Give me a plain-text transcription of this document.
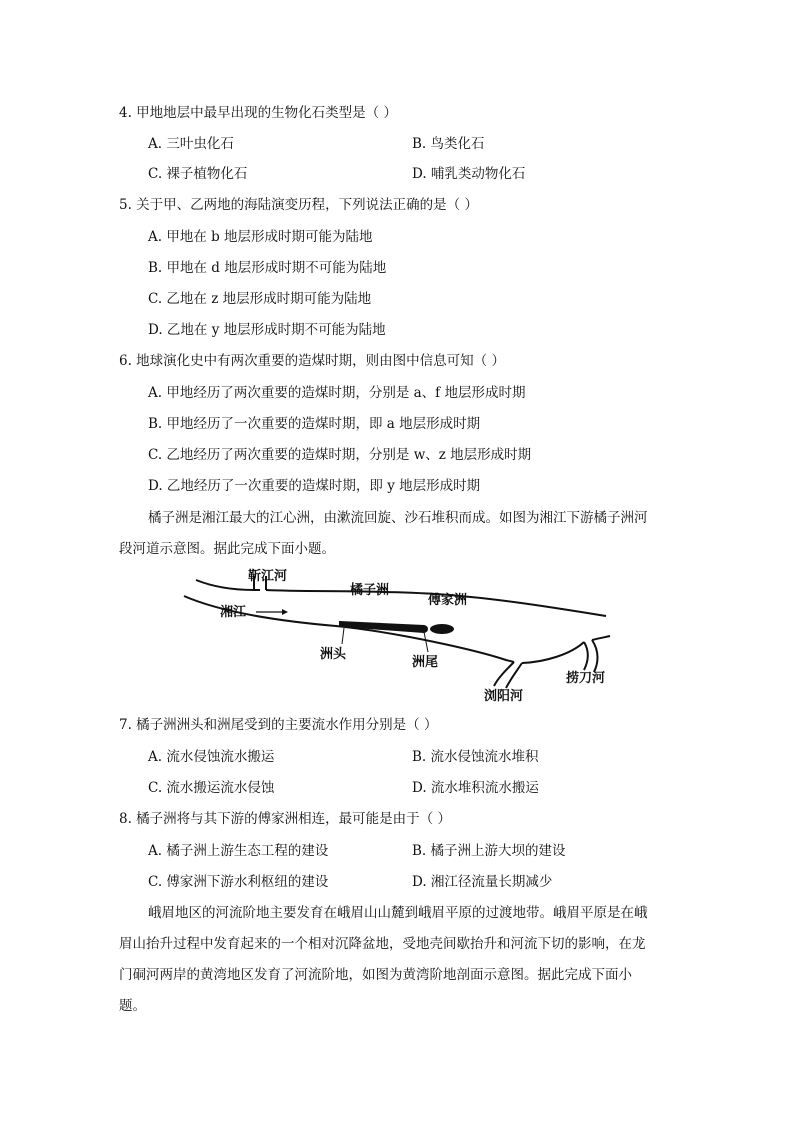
4. 甲地地层中最早出现的生物化石类型是（ ）
A. 三叶虫化石	B. 鸟类化石
C. 裸子植物化石	D. 哺乳类动物化石
5. 关于甲、乙两地的海陆演变历程，下列说法正确的是（ ）
A. 甲地在 b 地层形成时期可能为陆地
B. 甲地在 d 地层形成时期不可能为陆地
C. 乙地在 z 地层形成时期可能为陆地
D. 乙地在 y 地层形成时期不可能为陆地
6. 地球演化史中有两次重要的造煤时期，则由图中信息可知（ ）
A. 甲地经历了两次重要的造煤时期，分别是 a、f 地层形成时期
B. 甲地经历了一次重要的造煤时期，即 a 地层形成时期
C. 乙地经历了两次重要的造煤时期，分别是 w、z 地层形成时期
D. 乙地经历了一次重要的造煤时期，即 y 地层形成时期
橘子洲是湘江最大的江心洲，由漱流回旋、沙石堆积而成。如图为湘江下游橘子洲河
段河道示意图。据此完成下面小题。
靳江河
橘子洲
傅家洲
湘江
洲头
洲尾
浏阳河
捞刀河
7. 橘子洲洲头和洲尾受到的主要流水作用分别是（ ）
A. 流水侵蚀流水搬运	B. 流水侵蚀流水堆积
C. 流水搬运流水侵蚀	D. 流水堆积流水搬运
8. 橘子洲将与其下游的傅家洲相连，最可能是由于（ ）
A. 橘子洲上游生态工程的建设	B. 橘子洲上游大坝的建设
C. 傅家洲下游水利枢纽的建设	D. 湘江径流量长期减少
峨眉地区的河流阶地主要发育在峨眉山山麓到峨眉平原的过渡地带。峨眉平原是在峨
眉山抬升过程中发育起来的一个相对沉降盆地，受地壳间歇抬升和河流下切的影响，在龙
门硐河两岸的黄湾地区发育了河流阶地，如图为黄湾阶地剖面示意图。据此完成下面小
题。
